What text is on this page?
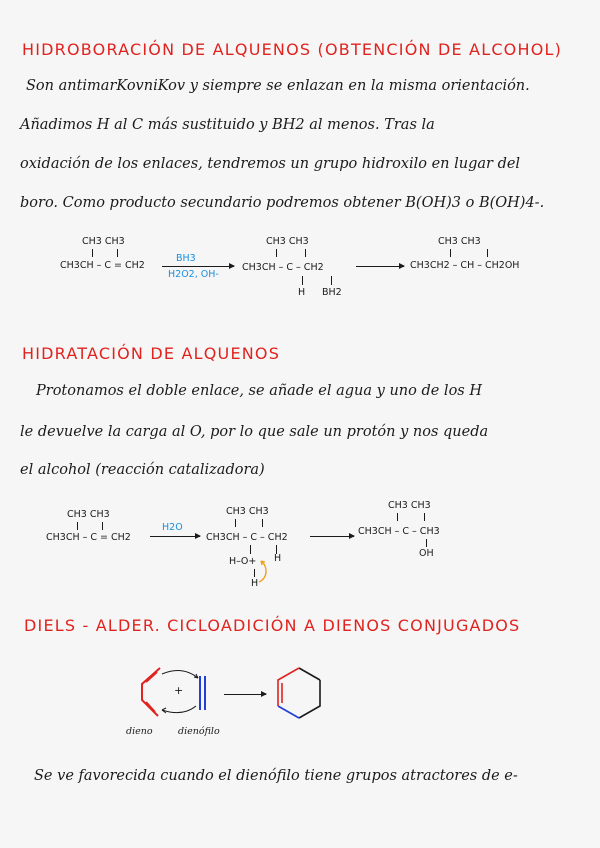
HIDROBORACIÓN DE ALQUENOS (OBTENCIÓN DE ALCOHOL)
Son antimarKovniKov y siempre se enlazan en la misma orientación.
Añadimos H al C más sustituido y BH2 al menos. Tras la
oxidación de los enlaces, tendremos un grupo hidroxilo en lugar del
boro. Como producto secundario podremos obtener B(OH)3 o B(OH)4-.
CH3 CH3
CH3CH – C = CH2
BH3
H2O2, OH-
CH3 CH3
CH3CH – C – CH2
H BH2
CH3 CH3
CH3CH2 – CH – CH2OH
HIDRATACIÓN DE ALQUENOS
Protonamos el doble enlace, se añade el agua y uno de los H
le devuelve la carga al O, por lo que sale un protón y nos queda
el alcohol (reacción catalizadora)
CH3 CH3
CH3CH – C = CH2
H2O
CH3 CH3
CH3CH – C – CH2
H–O+ H
H
CH3 CH3
CH3CH – C – CH3
OH
DIELS - ALDER. CICLOADICIÓN A DIENOS CONJUGADOS
+
dieno	dienófilo
Se ve favorecida cuando el dienófilo tiene grupos atractores de e-
